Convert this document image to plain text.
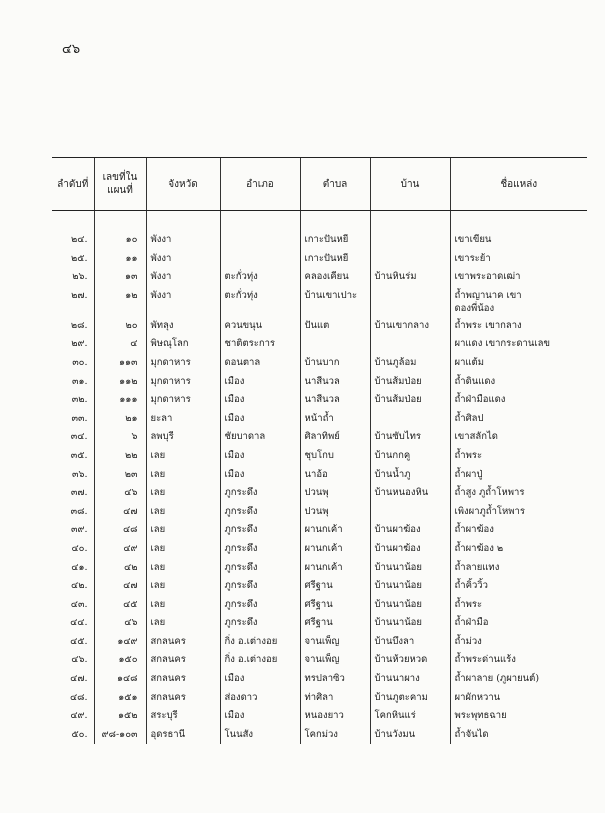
๔๖
ลำดับที่	เลขที่ใน
แผนที่	จังหวัด	อำเภอ	ตำบล	บ้าน	ชื่อแหล่ง

๒๔.	๑๐	พังงา		เกาะปันหยี		เขาเขียน

๒๕.	๑๑	พังงา		เกาะปันหยี		เขาระย้า

๒๖.	๑๓	พังงา	ตะกั่วทุ่ง	คลองเคียน	บ้านหินร่ม	เขาพระอาดเฒ่า

๒๗.	๑๒	พังงา	ตะกั่วทุ่ง	บ้านเขาเปาะ		ถ้ำพญานาค เขา
ดองพี่น้อง

๒๘.	๒๐	พัทลุง	ควนขนุน	ปันแต	บ้านเขากลาง	ถ้ำพระ เขากลาง

๒๙.	๔	พิษณุโลก	ชาติตระการ			ผาแดง เขากระดานเลข

๓๐.	๑๑๓	มุกดาหาร	ดอนตาล	บ้านบาก	บ้านภูล้อม	ผาแต้ม

๓๑.	๑๑๒	มุกดาหาร	เมือง	นาสีนวล	บ้านส้มป่อย	ถ้ำดินแดง

๓๒.	๑๑๑	มุกดาหาร	เมือง	นาสีนวล	บ้านส้มป่อย	ถ้ำฝ่ามือแดง

๓๓.	๒๑	ยะลา	เมือง	หน้าถ้ำ		ถ้ำศิลป

๓๔.	๖	ลพบุรี	ชัยบาดาล	ศิลาทิพย์	บ้านซับไทร	เขาสลักได

๓๕.	๒๒	เลย	เมือง	ชุบโกบ	บ้านกกคู	ถ้ำพระ

๓๖.	๒๓	เลย	เมือง	นาอ้อ	บ้านน้ำภู	ถ้ำผาปู่

๓๗.	๔๖	เลย	ภูกระดึง	ปวนพุ	บ้านหนองหิน	ถ้ำสูง ภูถ้ำโหพาร

๓๘.	๔๗	เลย	ภูกระดึง	ปวนพุ		เพิงผาภูถ้ำโหพาร

๓๙.	๔๘	เลย	ภูกระดึง	ผานกเค้า	บ้านผาฆ้อง	ถ้ำผาฆ้อง

๔๐.	๔๙	เลย	ภูกระดึง	ผานกเค้า	บ้านผาฆ้อง	ถ้ำผาฆ้อง ๒

๔๑.	๔๒	เลย	ภูกระดึง	ผานกเค้า	บ้านนาน้อย	ถ้ำลายแทง

๔๒.	๔๗	เลย	ภูกระดึง	ศรีฐาน	บ้านนาน้อย	ถ้ำคิ้ววิ้ว

๔๓.	๔๕	เลย	ภูกระดึง	ศรีฐาน	บ้านนาน้อย	ถ้ำพระ

๔๔.	๔๖	เลย	ภูกระดึง	ศรีฐาน	บ้านนาน้อย	ถ้ำฝ่ามือ

๔๕.	๑๔๙	สกลนคร	กิ่ง อ.เต่างอย	จานเพ็ญ	บ้านบึงลา	ถ้ำม่วง

๔๖.	๑๕๐	สกลนคร	กิ่ง อ.เต่างอย	จานเพ็ญ	บ้านห้วยหวด	ถ้ำพระด่านแร้ง

๔๗.	๑๔๘	สกลนคร	เมือง	ทรปลาซิว	บ้านนาผาง	ถ้ำผาลาย (ภูผายนต์)

๔๘.	๑๕๑	สกลนคร	ส่องดาว	ท่าศิลา	บ้านภูตะคาม	ผาผักหวาน

๔๙.	๑๕๒	สระบุรี	เมือง	หนองยาว	โคกหินแร่	พระพุทธฉาย

๕๐.	๙๘-๑๐๓	อุดรธานี	โนนสัง	โคกม่วง	บ้านวังมน	ถ้ำจันได
